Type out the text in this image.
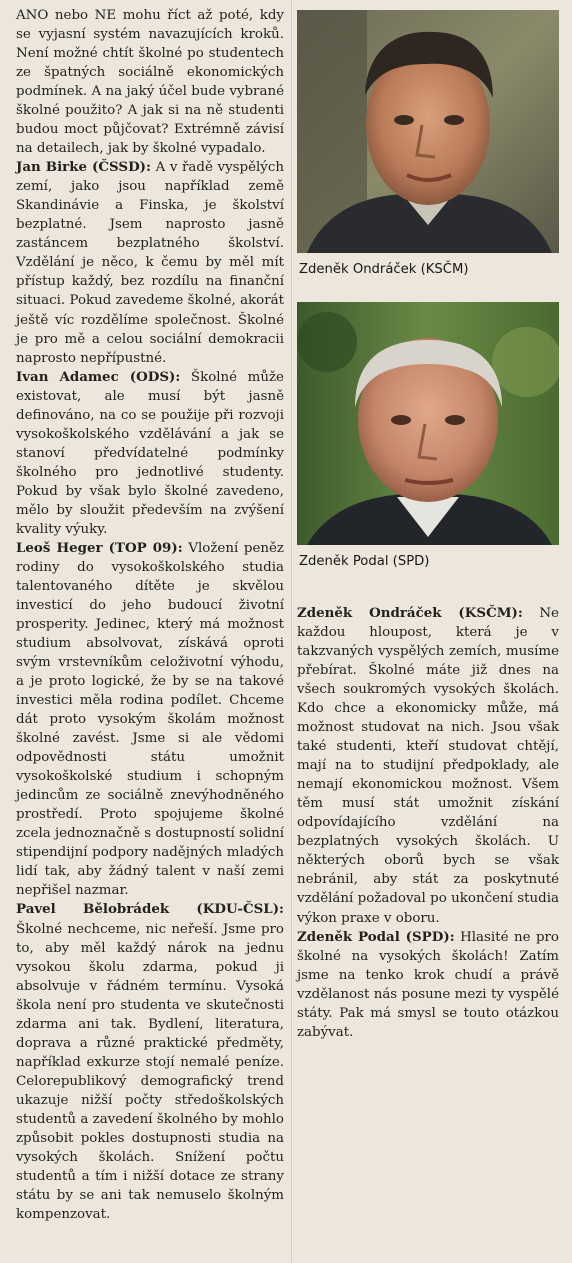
ANO nebo NE mohu říct až poté, kdy se vyjasní systém navazujících kroků. Není možné chtít školné po studentech ze špatných sociálně ekonomických podmínek. A na jaký účel bude vybrané školné použito? A jak si na ně studenti budou moct půjčovat? Extrémně závisí na detailech, jak by školné vypadalo.

Jan Birke (ČSSD): A v řadě vyspělých zemí, jako jsou například země Skandinávie a Finska, je školství bezplatné. Jsem naprosto jasně zastáncem bezplatného školství. Vzdělání je něco, k čemu by měl mít přístup každý, bez rozdílu na finanční situaci. Pokud zavedeme školné, akorát ještě víc rozdělíme společnost. Školné je pro mě a celou sociální demokracii naprosto nepřípustné.

Ivan Adamec (ODS): Školné může existovat, ale musí být jasně definováno, na co se použije při rozvoji vysokoškolského vzdělávání a jak se stanoví předvídatelné podmínky školného pro jednotlivé studenty. Pokud by však bylo školné zavedeno, mělo by sloužit především na zvýšení kvality výuky.

Leoš Heger (TOP 09): Vložení peněz rodiny do vysokoškolského studia talentovaného dítěte je skvělou investicí do jeho budoucí životní prosperity. Jedinec, který má možnost studium absolvovat, získává oproti svým vrstevníkům celoživotní výhodu, a je proto logické, že by se na takové investici měla rodina podílet. Chceme dát proto vysokým školám možnost školné zavést. Jsme si ale vědomi odpovědnosti státu umožnit vysokoškolské studium i schopným jedincům ze sociálně znevýhodněného prostředí. Proto spojujeme školné zcela jednoznačně s dostupností solidní stipendijní podpory nadějných mladých lidí tak, aby žádný talent v naší zemi nepřišel nazmar.

Pavel Bělobrádek (KDU-ČSL): Školné nechceme, nic neřeší. Jsme pro to, aby měl každý nárok na jednu vysokou školu zdarma, pokud ji absolvuje v řádném termínu. Vysoká škola není pro studenta ve skutečnosti zdarma ani tak. Bydlení, literatura, doprava a různé praktické předměty, například exkurze stojí nemalé peníze. Celorepublikový demografický trend ukazuje nižší počty středoškolských studentů a zavedení školného by mohlo způsobit pokles dostupnosti studia na vysokých školách. Snížení počtu studentů a tím i nižší dotace ze strany státu by se ani tak nemuselo školným kompenzovat.

Zdeněk Ondráček (KSČM)
Zdeněk Podal (SPD)

Zdeněk Ondráček (KSČM): Ne každou hloupost, která je v takzvaných vyspělých zemích, musíme přebírat. Školné máte již dnes na všech soukromých vysokých školách. Kdo chce a ekonomicky může, má možnost studovat na nich. Jsou však také studenti, kteří studovat chtějí, mají na to studijní předpoklady, ale nemají ekonomickou možnost. Všem těm musí stát umožnit získání odpovídajícího vzdělání na bezplatných vysokých školách. U některých oborů bych se však nebránil, aby stát za poskytnuté vzdělání požadoval po ukončení studia výkon praxe v oboru.

Zdeněk Podal (SPD): Hlasité ne pro školné na vysokých školách! Zatím jsme na tenko krok chudí a právě vzdělanost nás posune mezi ty vyspělé státy. Pak má smysl se touto otázkou zabývat.
